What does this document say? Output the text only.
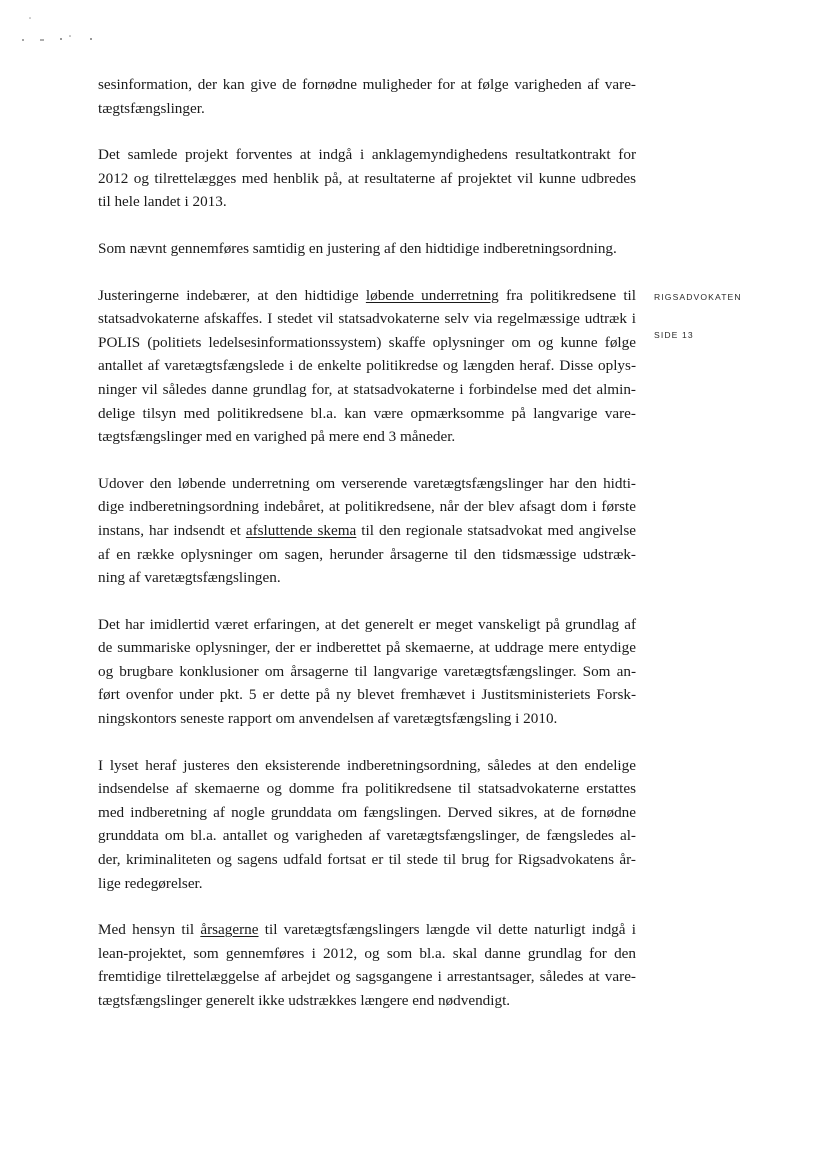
sesinformation, der kan give de fornødne muligheder for at følge varigheden af vare-
tægtsfængslinger.

Det samlede projekt forventes at indgå i anklagemyndighedens resultatkontrakt for
2012 og tilrettelægges med henblik på, at resultaterne af projektet vil kunne udbredes
til hele landet i 2013.

Som nævnt gennemføres samtidig en justering af den hidtidige indberetningsordning.

Justeringerne indebærer, at den hidtidige løbende underretning fra politikredsene til
statsadvokaterne afskaffes. I stedet vil statsadvokaterne selv via regelmæssige udtræk i
POLIS (politiets ledelsesinformationssystem) skaffe oplysninger om og kunne følge
antallet af varetægtsfængslede i de enkelte politikredse og længden heraf. Disse oplys-
ninger vil således danne grundlag for, at statsadvokaterne i forbindelse med det almin-
delige tilsyn med politikredsene bl.a. kan være opmærksomme på langvarige vare-
tægtsfængslinger med en varighed på mere end 3 måneder.

Udover den løbende underretning om verserende varetægtsfængslinger har den hidti-
dige indberetningsordning indebåret, at politikredsene, når der blev afsagt dom i første
instans, har indsendt et afsluttende skema til den regionale statsadvokat med angivelse
af en række oplysninger om sagen, herunder årsagerne til den tidsmæssige udstræk-
ning af varetægtsfængslingen.

Det har imidlertid været erfaringen, at det generelt er meget vanskeligt på grundlag af
de summariske oplysninger, der er indberettet på skemaerne, at uddrage mere entydige
og brugbare konklusioner om årsagerne til langvarige varetægtsfængslinger. Som an-
ført ovenfor under pkt. 5 er dette på ny blevet fremhævet i Justitsministeriets Forsk-
ningskontors seneste rapport om anvendelsen af varetægtsfængsling i 2010.

I lyset heraf justeres den eksisterende indberetningsordning, således at den endelige
indsendelse af skemaerne og domme fra politikredsene til statsadvokaterne erstattes
med indberetning af nogle grunddata om fængslingen. Derved sikres, at de fornødne
grunddata om bl.a. antallet og varigheden af varetægtsfængslinger, de fængsledes al-
der, kriminaliteten og sagens udfald fortsat er til stede til brug for Rigsadvokatens år-
lige redegørelser.

Med hensyn til årsagerne til varetægtsfængslingers længde vil dette naturligt indgå i
lean-projektet, som gennemføres i 2012, og som bl.a. skal danne grundlag for den
fremtidige tilrettelæggelse af arbejdet og sagsgangene i arrestantsager, således at vare-
tægtsfængslinger generelt ikke udstrækkes længere end nødvendigt.

RIGSADVOKATEN
SIDE 13
